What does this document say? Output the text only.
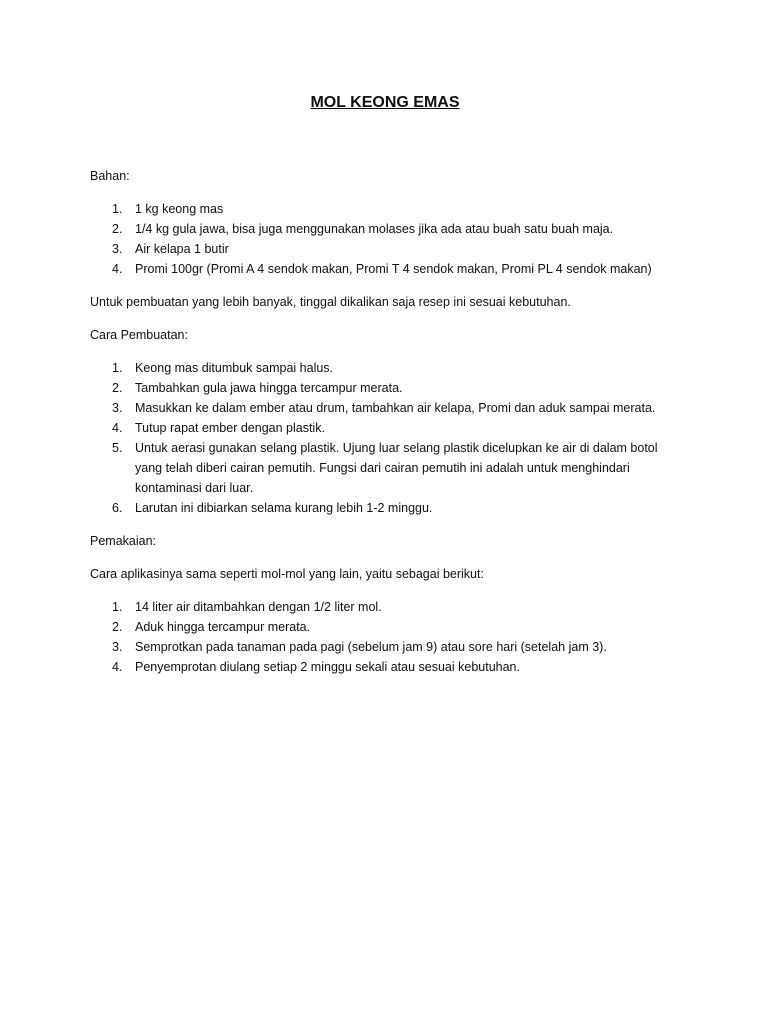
MOL KEONG EMAS

Bahan:

1.	1 kg keong mas
2.	1/4 kg gula jawa, bisa juga menggunakan molases jika ada atau buah satu buah maja.
3.	Air kelapa 1 butir
4.	Promi 100gr (Promi A 4 sendok makan, Promi T 4 sendok makan, Promi PL 4 sendok makan)

Untuk pembuatan yang lebih banyak, tinggal dikalikan saja resep ini sesuai kebutuhan.

Cara Pembuatan:

1.	Keong mas ditumbuk sampai halus.
2.	Tambahkan gula jawa hingga tercampur merata.
3.	Masukkan ke dalam ember atau drum, tambahkan air kelapa, Promi dan aduk sampai merata.
4.	Tutup rapat ember dengan plastik.
5.	Untuk aerasi gunakan selang plastik. Ujung luar selang plastik dicelupkan ke air di dalam botol yang telah diberi cairan pemutih. Fungsi dari cairan pemutih ini adalah untuk menghindari kontaminasi dari luar.
6.	Larutan ini dibiarkan selama kurang lebih 1-2 minggu.

Pemakaian:

Cara aplikasinya sama seperti mol-mol yang lain, yaitu sebagai berikut:

1.	14 liter air ditambahkan dengan 1/2 liter mol.
2.	Aduk hingga tercampur merata.
3.	Semprotkan pada tanaman pada pagi (sebelum jam 9) atau sore hari (setelah jam 3).
4.	Penyemprotan diulang setiap 2 minggu sekali atau sesuai kebutuhan.
